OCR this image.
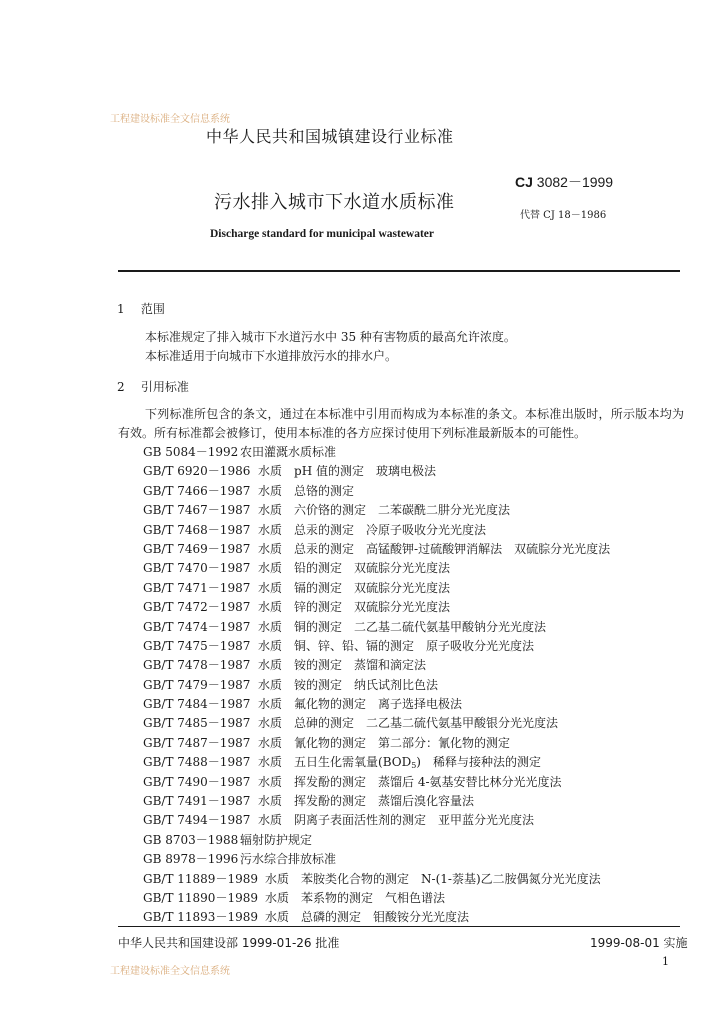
工程建设标准全文信息系统
中华人民共和国城镇建设行业标准
CJ 3082－1999
污水排入城市下水道水质标准
代替 CJ 18－1986
Discharge standard for municipal wastewater
1 范围
本标准规定了排入城市下水道污水中 35 种有害物质的最高允许浓度。
本标准适用于向城市下水道排放污水的排水户。
2 引用标准
下列标准所包含的条文，通过在本标准中引用而构成为本标准的条文。本标准出版时，所示版本均为有效。所有标准都会被修订，使用本标准的各方应探讨使用下列标准最新版本的可能性。
GB 5084－1992 农田灌溉水质标准
GB/T 6920－1986 水质 pH 值的测定 玻璃电极法
GB/T 7466－1987 水质 总铬的测定
GB/T 7467－1987 水质 六价铬的测定 二苯碳酰二肼分光光度法
GB/T 7468－1987 水质 总汞的测定 冷原子吸收分光光度法
GB/T 7469－1987 水质 总汞的测定 高锰酸钾-过硫酸钾消解法 双硫腙分光光度法
GB/T 7470－1987 水质 铅的测定 双硫腙分光光度法
GB/T 7471－1987 水质 镉的测定 双硫腙分光光度法
GB/T 7472－1987 水质 锌的测定 双硫腙分光光度法
GB/T 7474－1987 水质 铜的测定 二乙基二硫代氨基甲酸钠分光光度法
GB/T 7475－1987 水质 铜、锌、铅、镉的测定 原子吸收分光光度法
GB/T 7478－1987 水质 铵的测定 蒸馏和滴定法
GB/T 7479－1987 水质 铵的测定 纳氏试剂比色法
GB/T 7484－1987 水质 氟化物的测定 离子选择电极法
GB/T 7485－1987 水质 总砷的测定 二乙基二硫代氨基甲酸银分光光度法
GB/T 7487－1987 水质 氰化物的测定 第二部分：氰化物的测定
GB/T 7488－1987 水质 五日生化需氧量$(BOD_5)$ 稀释与接种法的测定
GB/T 7490－1987 水质 挥发酚的测定 蒸馏后 4-氨基安替比林分光光度法
GB/T 7491－1987 水质 挥发酚的测定 蒸馏后溴化容量法
GB/T 7494－1987 水质 阴离子表面活性剂的测定 亚甲蓝分光光度法
GB 8703－1988 辐射防护规定
GB 8978－1996 污水综合排放标准
GB/T 11889－1989 水质 苯胺类化合物的测定 N-(1-萘基)乙二胺偶氮分光光度法
GB/T 11890－1989 水质 苯系物的测定 气相色谱法
GB/T 11893－1989 水质 总磷的测定 钼酸铵分光光度法
中华人民共和国建设部 1999-01-26 批准	1999-08-01 实施
1
工程建设标准全文信息系统
